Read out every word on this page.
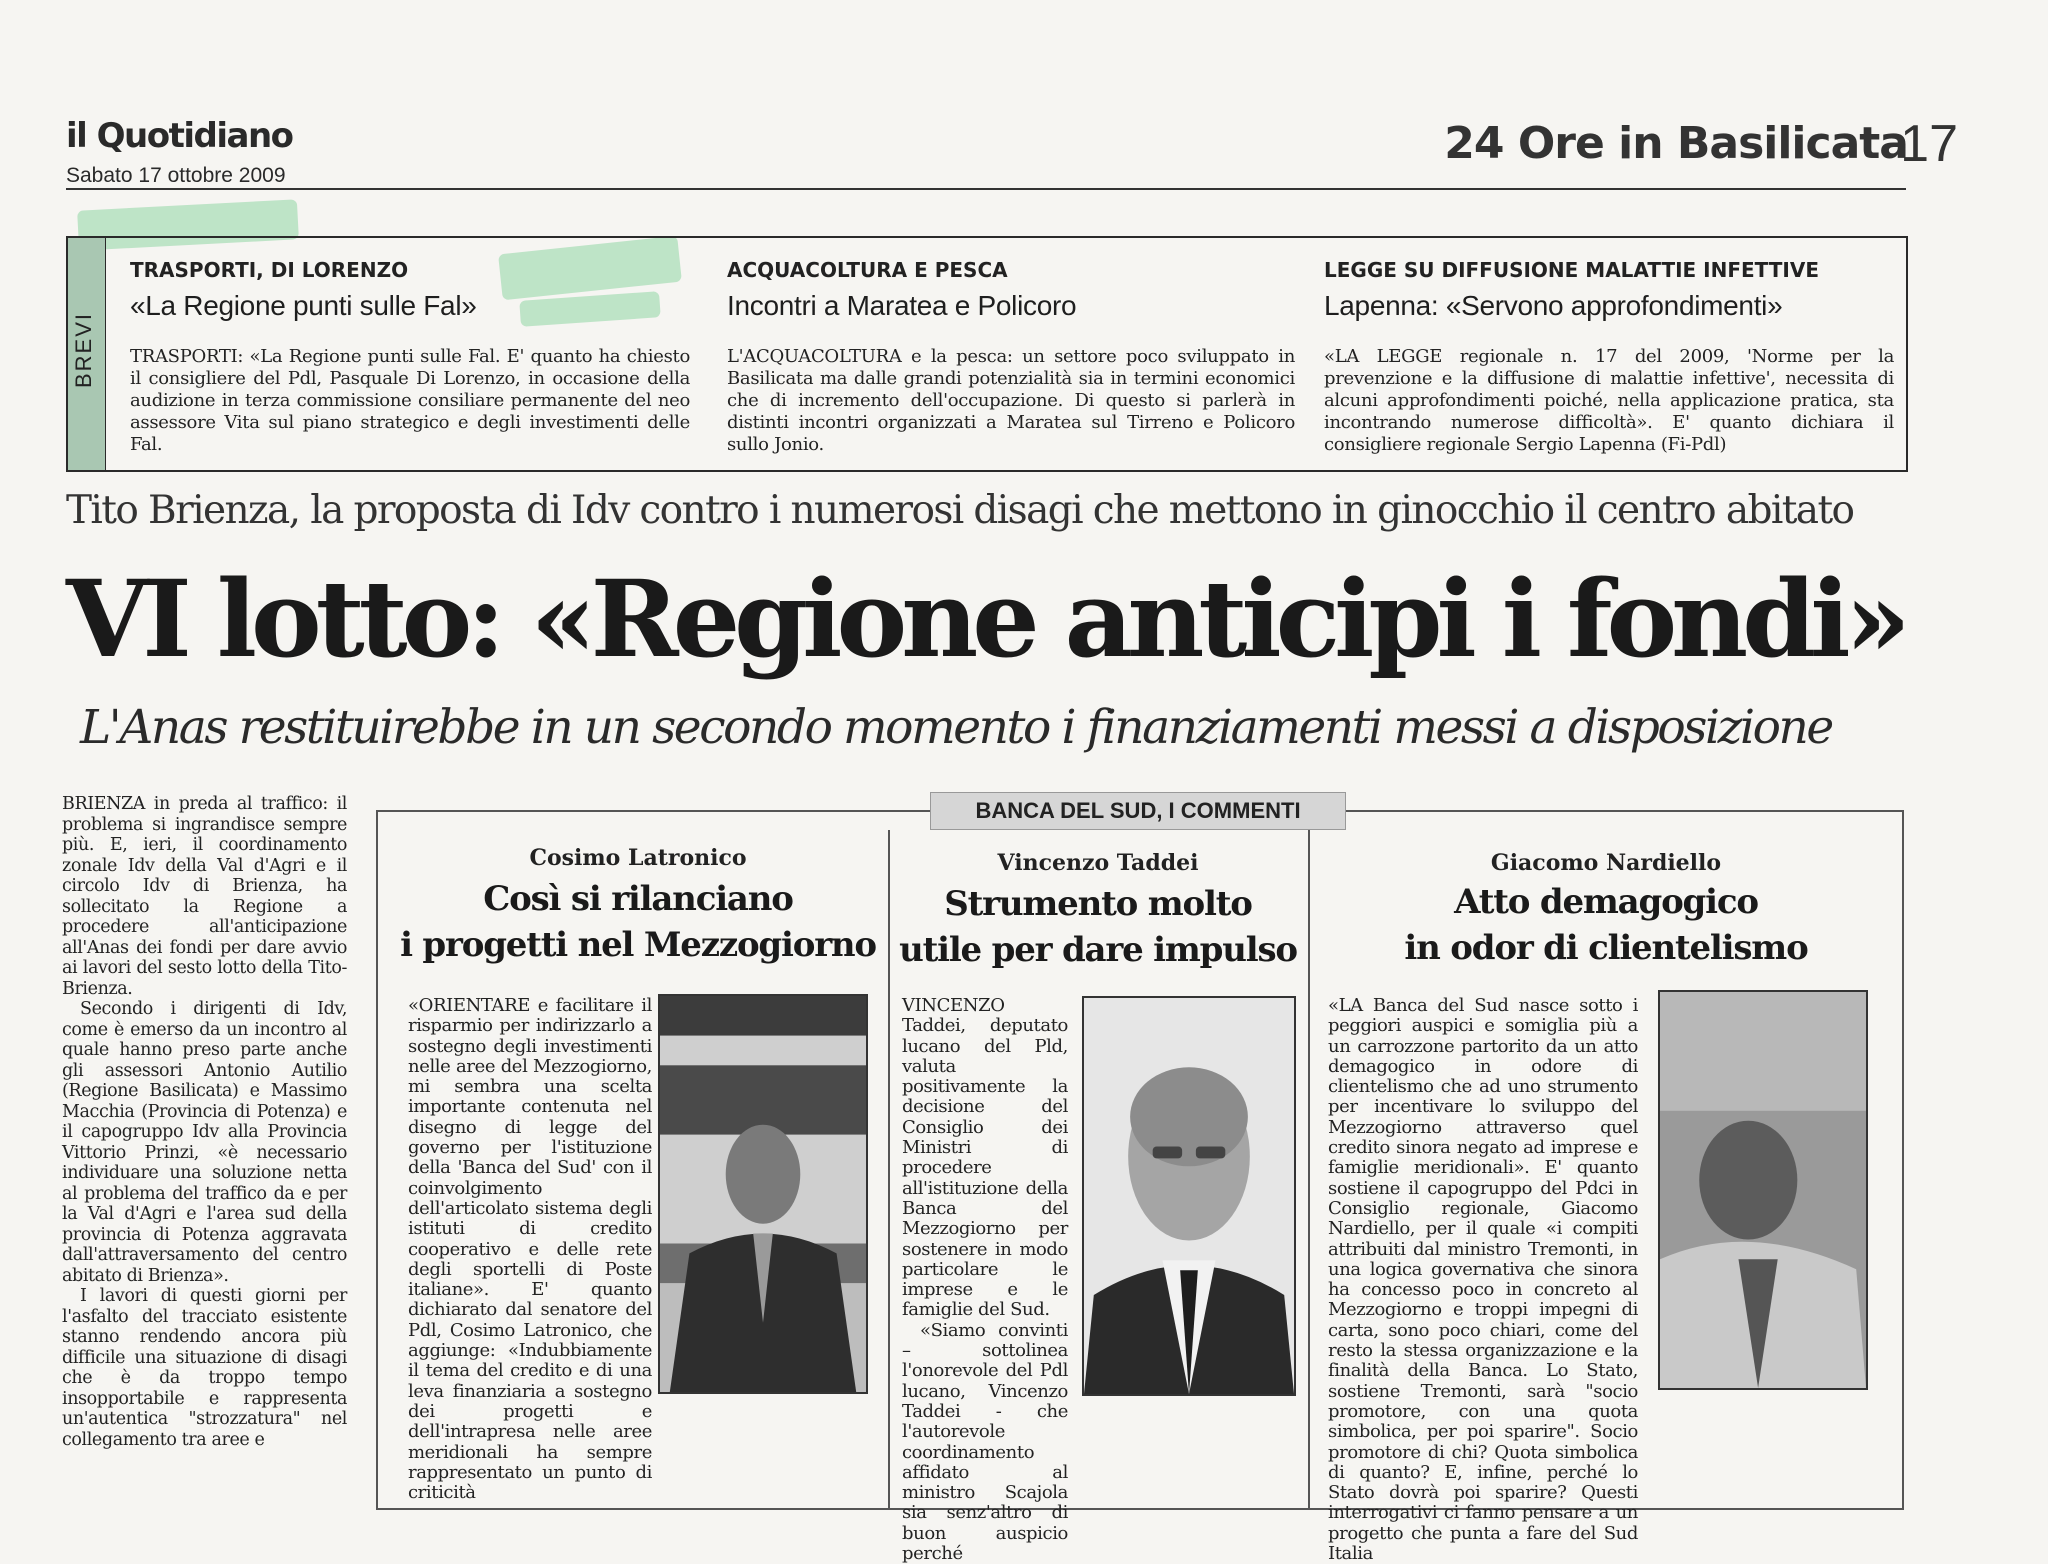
il Quotidiano
Sabato 17 ottobre 2009
24 Ore in Basilicata
17
BREVI
TRASPORTI, DI LORENZO
«La Regione punti sulle Fal»
TRASPORTI: «La Regione punti sulle Fal. E' quanto ha chiesto il consigliere del Pdl, Pasquale Di Lorenzo, in occasione della audizione in terza commissione consiliare permanente del neo assessore Vita sul piano strategico e degli investimenti delle Fal.
ACQUACOLTURA E PESCA
Incontri a Maratea e Policoro
L'ACQUACOLTURA e la pesca: un settore poco sviluppato in Basilicata ma dalle grandi potenzialità sia in termini economici che di incremento dell'occupazione. Di questo si parlerà in distinti incontri organizzati a Maratea sul Tirreno e Policoro sullo Jonio.
LEGGE SU DIFFUSIONE MALATTIE INFETTIVE
Lapenna: «Servono approfondimenti»
«LA LEGGE regionale n. 17 del 2009, 'Norme per la prevenzione e la diffusione di malattie infettive', necessita di alcuni approfondimenti poiché, nella applicazione pratica, sta incontrando numerose difficoltà». E' quanto dichiara il consigliere regionale Sergio Lapenna (Fi-Pdl)
Tito Brienza, la proposta di Idv contro i numerosi disagi che mettono in ginocchio il centro abitato
VI lotto: «Regione anticipi i fondi»
L'Anas restituirebbe in un secondo momento i finanziamenti messi a disposizione

BRIENZA in preda al traffico: il problema si ingrandisce sempre più. E, ieri, il coordinamento zonale Idv della Val d'Agri e il circolo Idv di Brienza, ha sollecitato la Regione a procedere all'anticipazione all'Anas dei fondi per dare avvio ai lavori del sesto lotto della Tito-Brienza.

Secondo i dirigenti di Idv, come è emerso da un incontro al quale hanno preso parte anche gli assessori Antonio Autilio (Regione Basilicata) e Massimo Macchia (Provincia di Potenza) e il capogruppo Idv alla Provincia Vittorio Prinzi, «è necessario individuare una soluzione netta al problema del traffico da e per la Val d'Agri e l'area sud della provincia di Potenza aggravata dall'attraversamento del centro abitato di Brienza».

I lavori di questi giorni per l'asfalto del tracciato esistente stanno rendendo ancora più difficile una situazione di disagi che è da troppo tempo insopportabile e rappresenta un'autentica "strozzatura" nel collegamento tra aree e

BANCA DEL SUD, I COMMENTI
Cosimo Latronico
Così si rilanciano
i progetti nel Mezzogiorno

«ORIENTARE e facilitare il risparmio per indirizzarlo a sostegno degli investimenti nelle aree del Mezzogiorno, mi sembra una scelta importante contenuta nel disegno di legge del governo per l'istituzione della 'Banca del Sud' con il coinvolgimento dell'articolato sistema degli istituti di credito cooperativo e delle rete degli sportelli di Poste italiane». E' quanto dichiarato dal senatore del Pdl, Cosimo Latronico, che aggiunge: «Indubbiamente il tema del credito e di una leva finanziaria a sostegno dei progetti e dell'intrapresa nelle aree meridionali ha sempre rappresentato un punto di criticità

Vincenzo Taddei
Strumento molto
utile per dare impulso

VINCENZO Taddei, deputato lucano del Pld, valuta positivamente la decisione del Consiglio dei Ministri di procedere all'istituzione della Banca del Mezzogiorno per sostenere in modo particolare le imprese e le famiglie del Sud.

«Siamo convinti – sottolinea l'onorevole del Pdl lucano, Vincenzo Taddei - che l'autorevole coordinamento affidato al ministro Scajola sia senz'altro di buon auspicio perché

Giacomo Nardiello
Atto demagogico
in odor di clientelismo

«LA Banca del Sud nasce sotto i peggiori auspici e somiglia più a un carrozzone partorito da un atto demagogico in odore di clientelismo che ad uno strumento per incentivare lo sviluppo del Mezzogiorno attraverso quel credito sinora negato ad imprese e famiglie meridionali». E' quanto sostiene il capogruppo del Pdci in Consiglio regionale, Giacomo Nardiello, per il quale «i compiti attribuiti dal ministro Tremonti, in una logica governativa che sinora ha concesso poco in concreto al Mezzogiorno e troppi impegni di carta, sono poco chiari, come del resto la stessa organizzazione e la finalità della Banca. Lo Stato, sostiene Tremonti, sarà "socio promotore, con una quota simbolica, per poi sparire". Socio promotore di chi? Quota simbolica di quanto? E, infine, perché lo Stato dovrà poi sparire? Questi interrogativi ci fanno pensare a un progetto che punta a fare del Sud Italia
